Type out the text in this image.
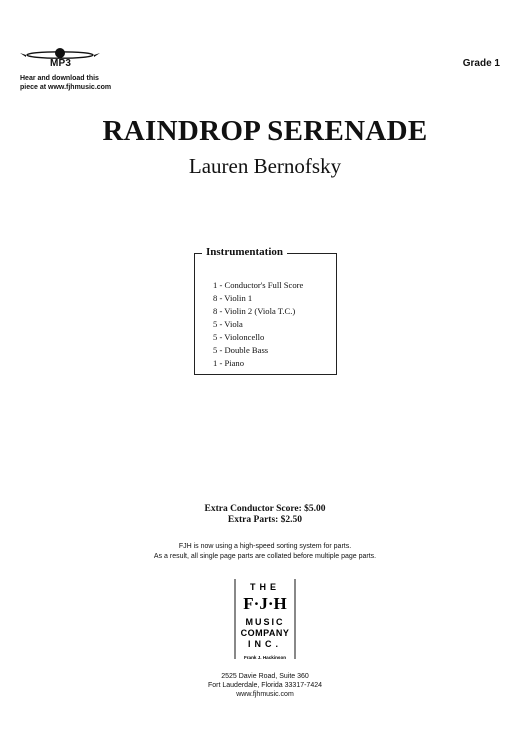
MP3
Hear and download this
piece at www.fjhmusic.com
Grade 1
RAINDROP SERENADE
Lauren Bernofsky
Instrumentation
1 - Conductor's Full Score
8 - Violin 1
8 - Violin 2 (Viola T.C.)
5 - Viola
5 - Violoncello
5 - Double Bass
1 - Piano
Extra Conductor Score: $5.00
Extra Parts: $2.50
FJH is now using a high-speed sorting system for parts.
As a result, all single page parts are collated before multiple page parts.
THE
F·J·H
MUSIC
COMPANY
INC.
Frank J. Hackinson
2525 Davie Road, Suite 360
Fort Lauderdale, Florida 33317-7424
www.fjhmusic.com
